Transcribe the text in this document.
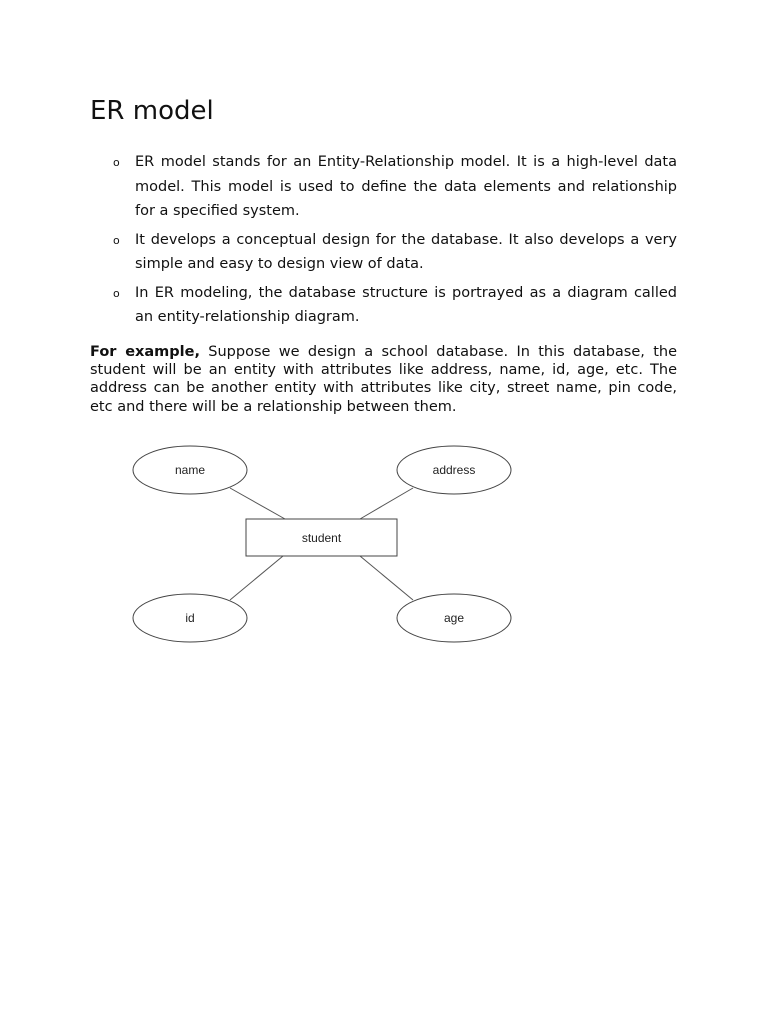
ER model
o ER model stands for an Entity-Relationship model. It is a high-level data model. This model is used to define the data elements and relationship for a specified system.
o It develops a conceptual design for the database. It also develops a very simple and easy to design view of data.
o In ER modeling, the database structure is portrayed as a diagram called an entity-relationship diagram.

For example, Suppose we design a school database. In this database, the student will be an entity with attributes like address, name, id, age, etc. The address can be another entity with attributes like city, street name, pin code, etc and there will be a relationship between them.

student
name	address
id	age
